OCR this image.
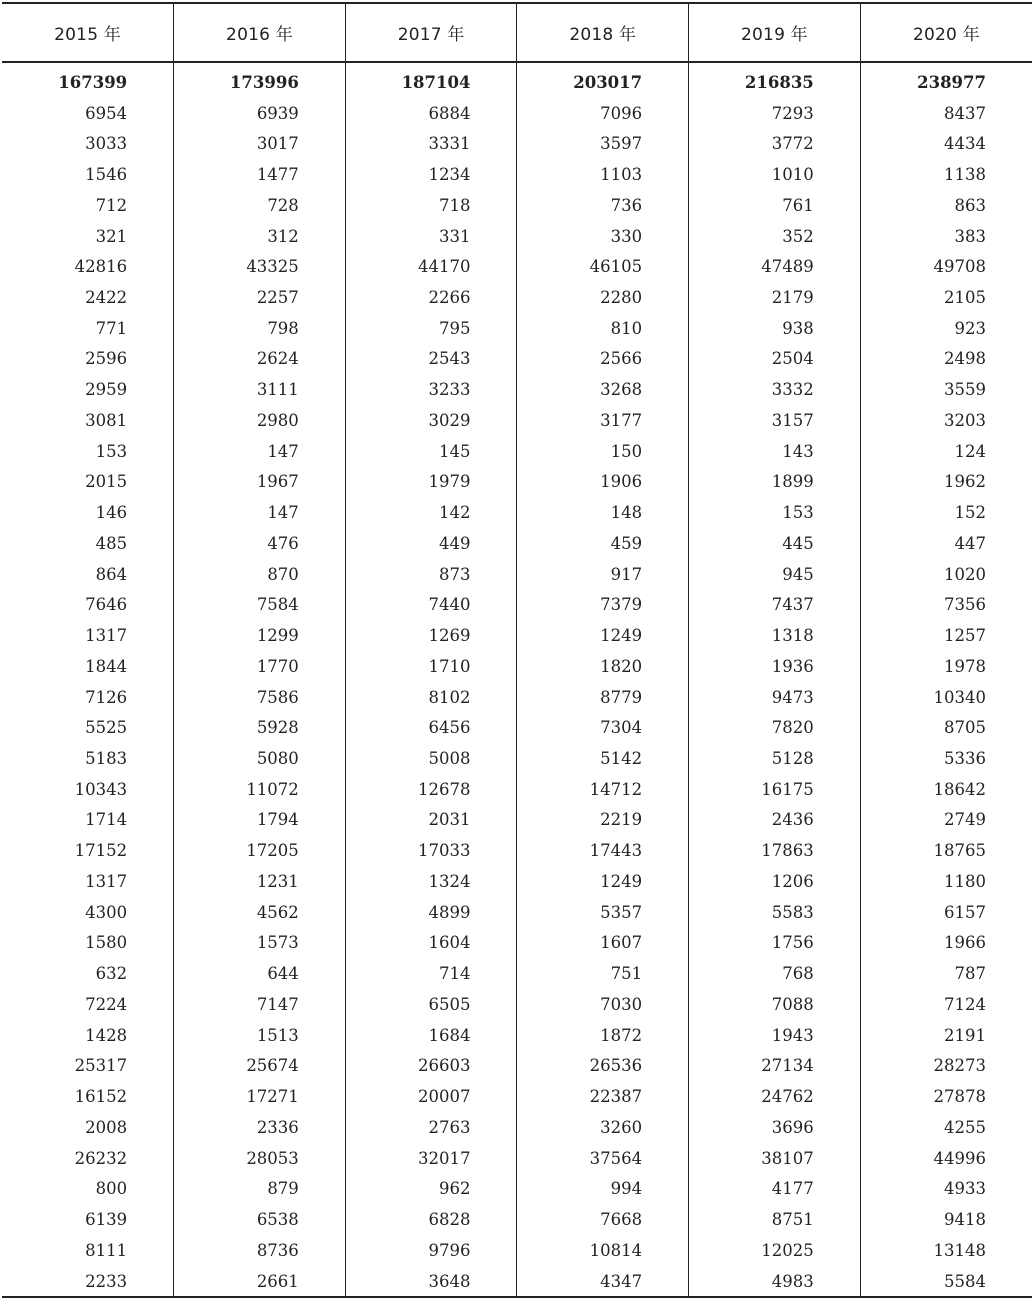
2015 年	2016 年	2017 年	2018 年	2019 年	2020 年
167399	173996	187104	203017	216835	238977
6954	6939	6884	7096	7293	8437
3033	3017	3331	3597	3772	4434
1546	1477	1234	1103	1010	1138
712	728	718	736	761	863
321	312	331	330	352	383
42816	43325	44170	46105	47489	49708
2422	2257	2266	2280	2179	2105
771	798	795	810	938	923
2596	2624	2543	2566	2504	2498
2959	3111	3233	3268	3332	3559
3081	2980	3029	3177	3157	3203
153	147	145	150	143	124
2015	1967	1979	1906	1899	1962
146	147	142	148	153	152
485	476	449	459	445	447
864	870	873	917	945	1020
7646	7584	7440	7379	7437	7356
1317	1299	1269	1249	1318	1257
1844	1770	1710	1820	1936	1978
7126	7586	8102	8779	9473	10340
5525	5928	6456	7304	7820	8705
5183	5080	5008	5142	5128	5336
10343	11072	12678	14712	16175	18642
1714	1794	2031	2219	2436	2749
17152	17205	17033	17443	17863	18765
1317	1231	1324	1249	1206	1180
4300	4562	4899	5357	5583	6157
1580	1573	1604	1607	1756	1966
632	644	714	751	768	787
7224	7147	6505	7030	7088	7124
1428	1513	1684	1872	1943	2191
25317	25674	26603	26536	27134	28273
16152	17271	20007	22387	24762	27878
2008	2336	2763	3260	3696	4255
26232	28053	32017	37564	38107	44996
800	879	962	994	4177	4933
6139	6538	6828	7668	8751	9418
8111	8736	9796	10814	12025	13148
2233	2661	3648	4347	4983	5584
